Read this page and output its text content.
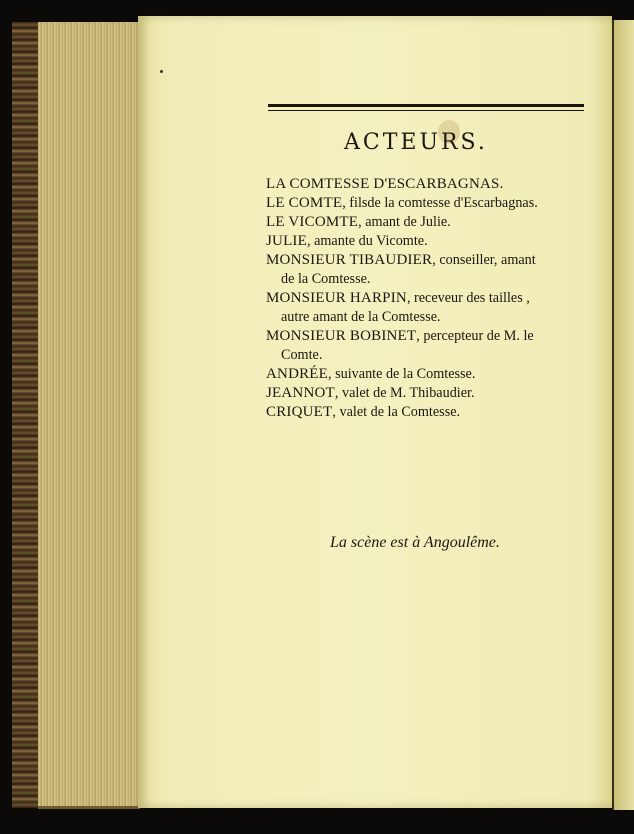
ACTEURS.
LA COMTESSE D'ESCARBAGNAS.
LE COMTE, filsde la comtesse d'Escarbagnas.
LE VICOMTE, amant de Julie.
JULIE, amante du Vicomte.
MONSIEUR TIBAUDIER, conseiller, amant
de la Comtesse.
MONSIEUR HARPIN, receveur des tailles ,
autre amant de la Comtesse.
MONSIEUR BOBINET, percepteur de M. le
Comte.
ANDRÉE, suivante de la Comtesse.
JEANNOT, valet de M. Thibaudier.
CRIQUET, valet de la Comtesse.
La scène est à Angoulême.
